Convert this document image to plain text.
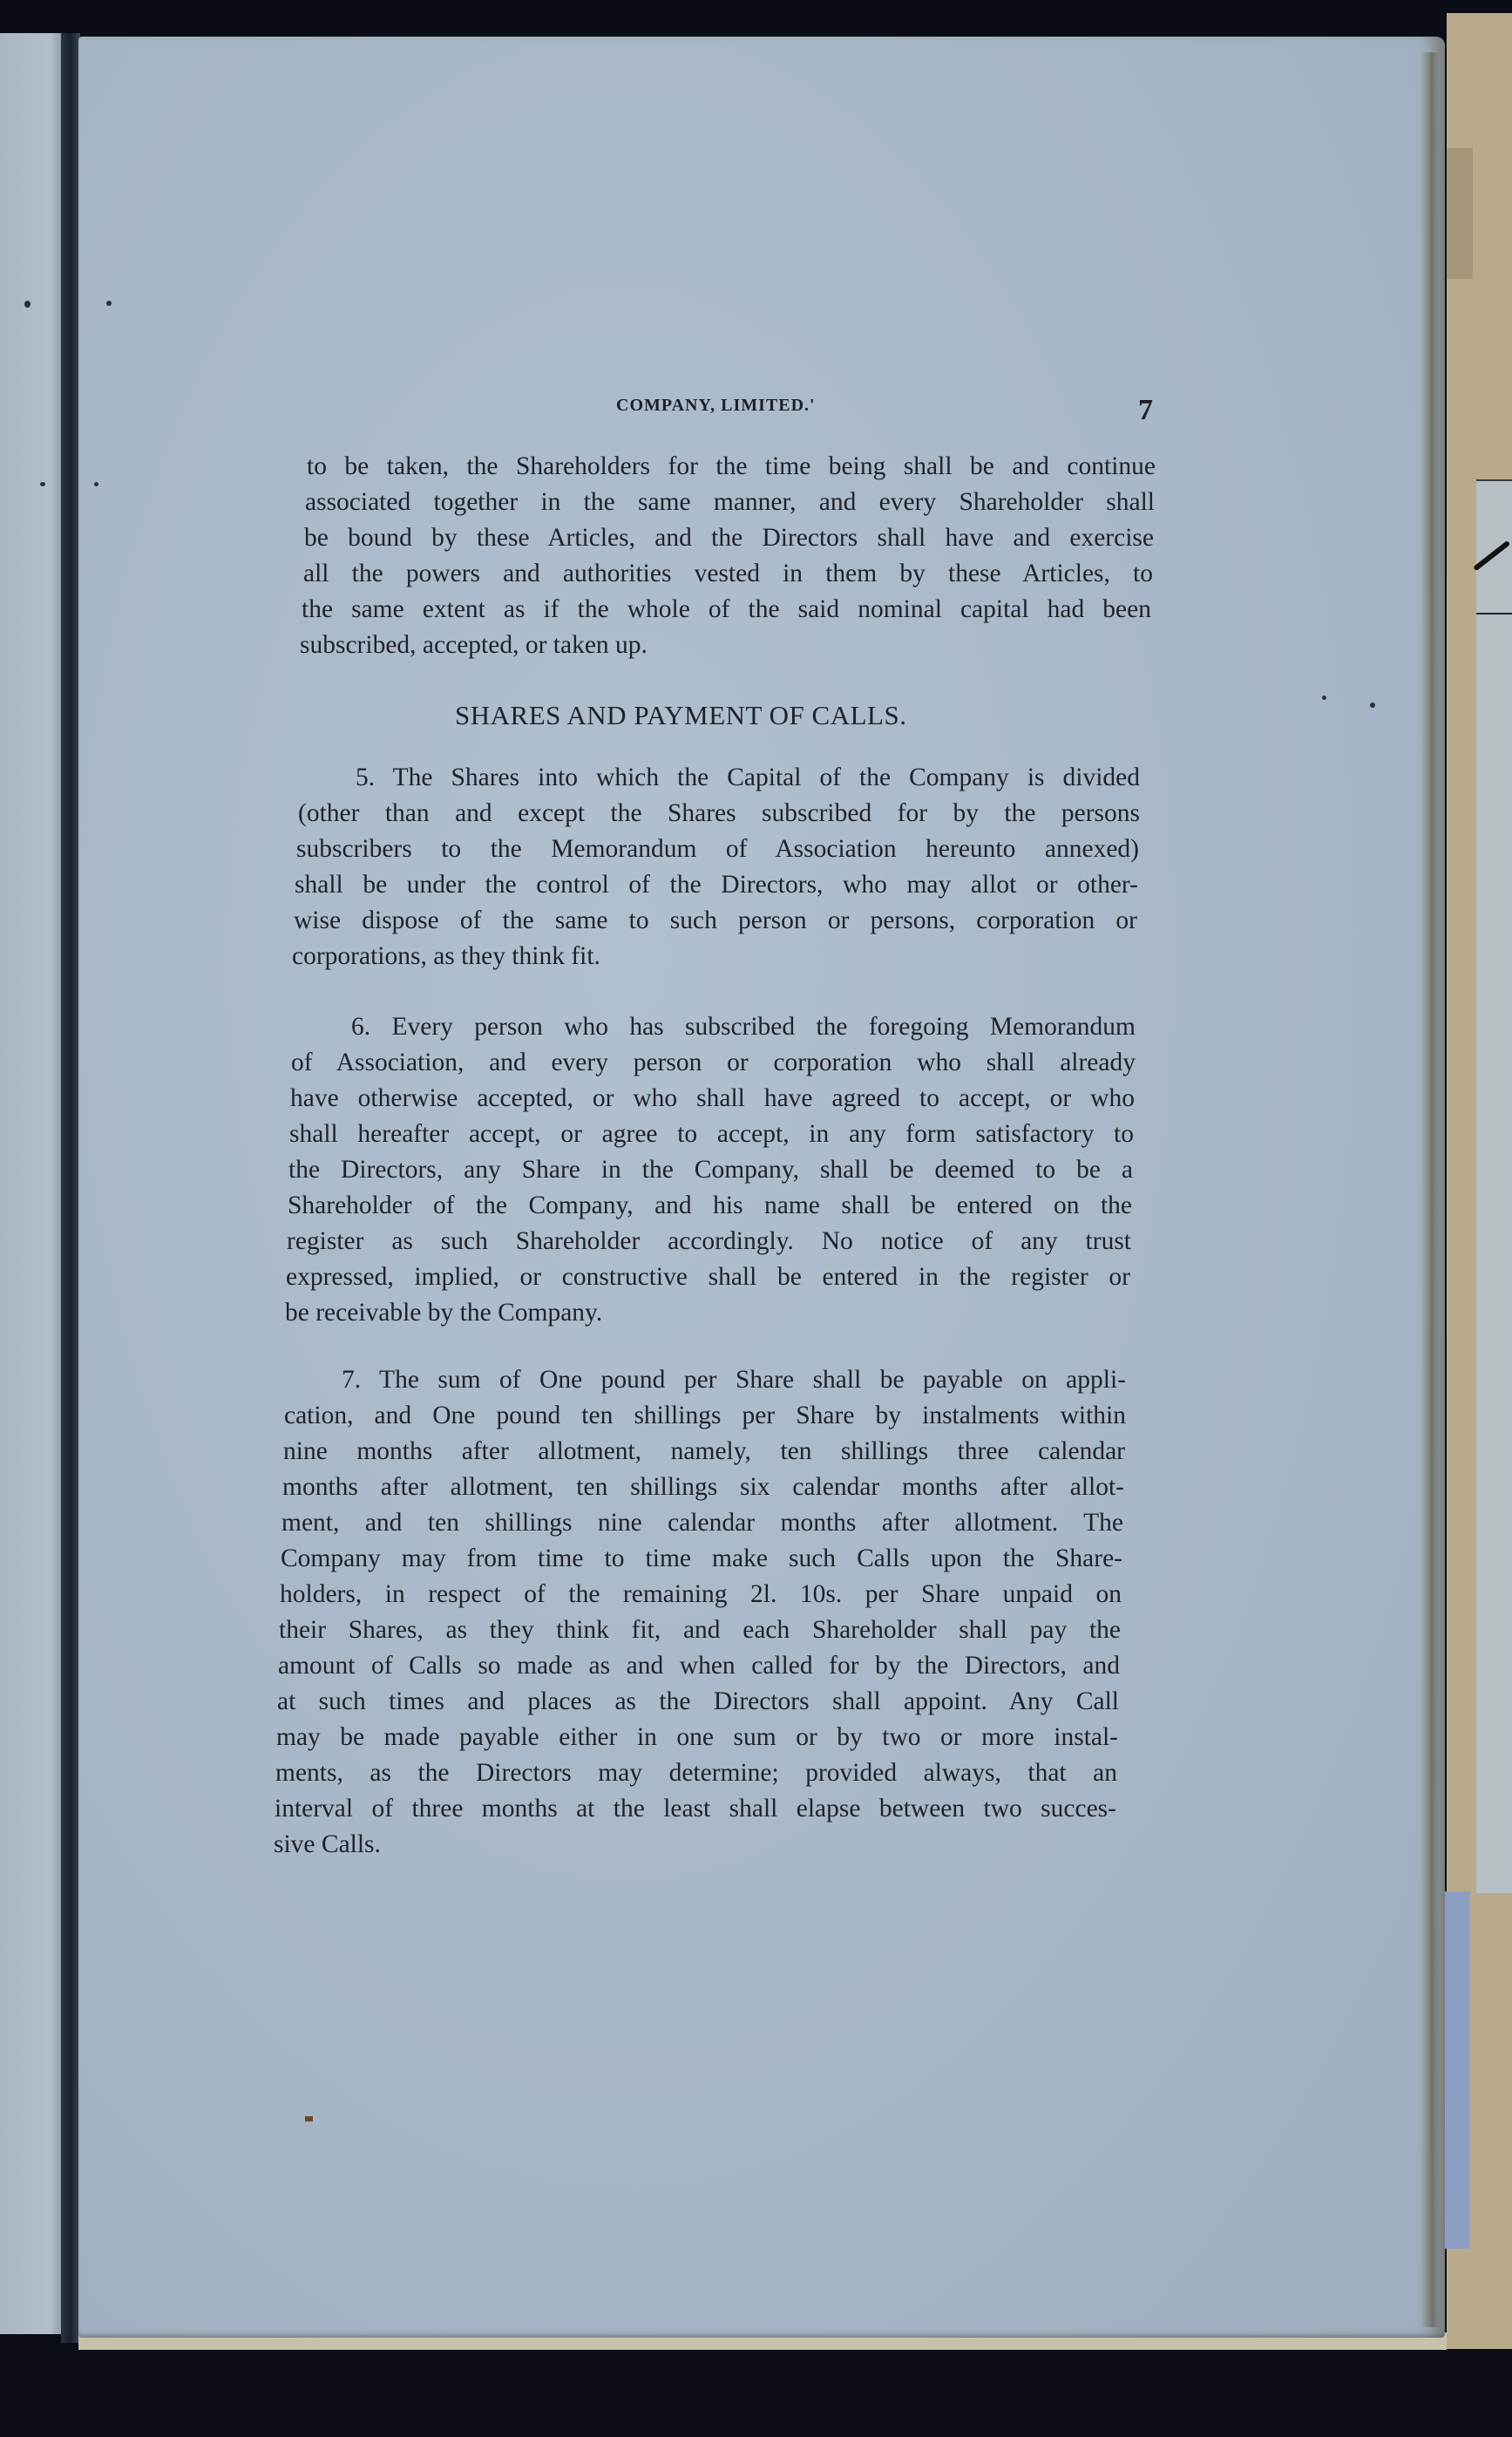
COMPANY, LIMITED.'	7
to be taken, the Shareholders for the time being shall be and continue
associated together in the same manner, and every Shareholder shall
be bound by these Articles, and the Directors shall have and exercise
all the powers and authorities vested in them by these Articles, to
the same extent as if the whole of the said nominal capital had been
subscribed, accepted, or taken up.
SHARES AND PAYMENT OF CALLS.
5. The Shares into which the Capital of the Company is divided
(other than and except the Shares subscribed for by the persons
subscribers to the Memorandum of Association hereunto annexed)
shall be under the control of the Directors, who may allot or other-
wise dispose of the same to such person or persons, corporation or
corporations, as they think fit.
6. Every person who has subscribed the foregoing Memorandum
of Association, and every person or corporation who shall already
have otherwise accepted, or who shall have agreed to accept, or who
shall hereafter accept, or agree to accept, in any form satisfactory to
the Directors, any Share in the Company, shall be deemed to be a
Shareholder of the Company, and his name shall be entered on the
register as such Shareholder accordingly. No notice of any trust
expressed, implied, or constructive shall be entered in the register or
be receivable by the Company.
7. The sum of One pound per Share shall be payable on appli-
cation, and One pound ten shillings per Share by instalments within
nine months after allotment, namely, ten shillings three calendar
months after allotment, ten shillings six calendar months after allot-
ment, and ten shillings nine calendar months after allotment. The
Company may from time to time make such Calls upon the Share-
holders, in respect of the remaining 2l. 10s. per Share unpaid on
their Shares, as they think fit, and each Shareholder shall pay the
amount of Calls so made as and when called for by the Directors, and
at such times and places as the Directors shall appoint. Any Call
may be made payable either in one sum or by two or more instal-
ments, as the Directors may determine; provided always, that an
interval of three months at the least shall elapse between two succes-
sive Calls.
